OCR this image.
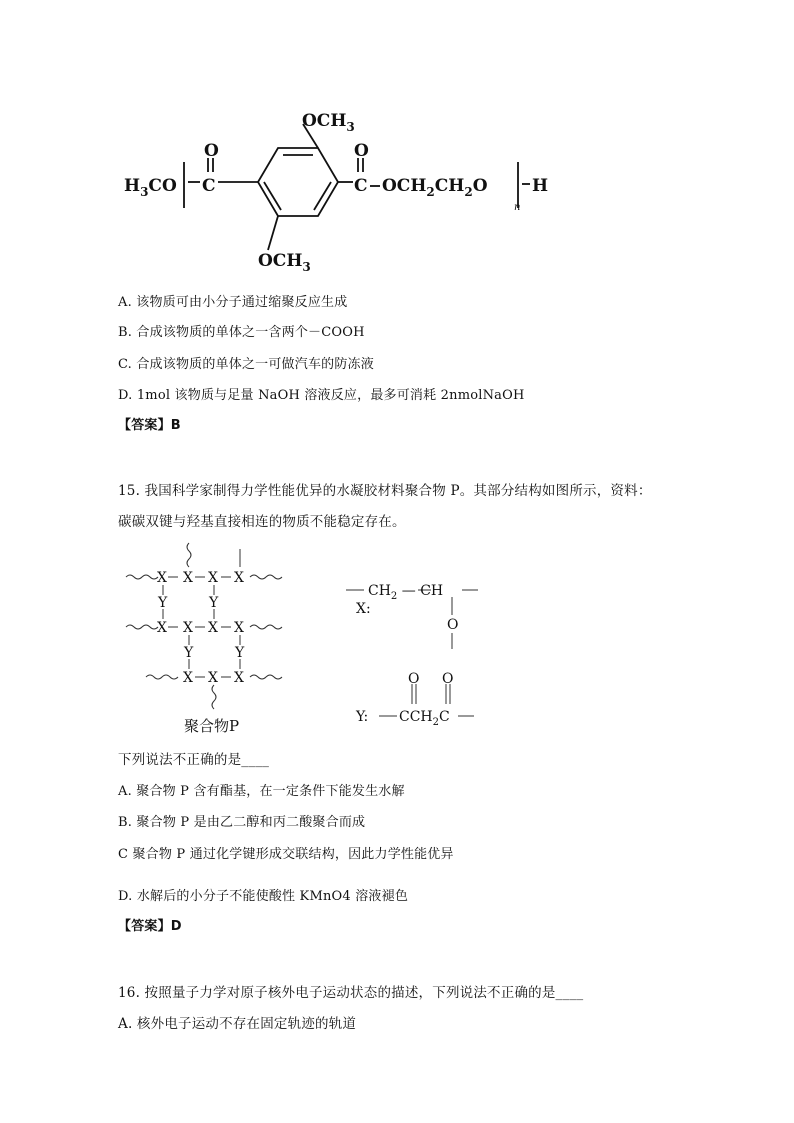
$OCH_3$
$OCH_3$
$H_3CO$
O
C
O
C $OCH_2CH_2O$
n
H
A. 该物质可由小分子通过缩聚反应生成
B. 合成该物质的单体之一含两个－COOH
C. 合成该物质的单体之一可做汽车的防冻液
D. 1mol 该物质与足量 NaOH 溶液反应，最多可消耗 2nmolNaOH
【答案】B
15. 我国科学家制得力学性能优异的水凝胶材料聚合物 P。其部分结构如图所示，资料：
碳碳双键与羟基直接相连的物质不能稳定存在。
X X X X
Y	Y
X X X X
Y	Y
X X X
聚合物P
X:
$CH_2$ — CH
O
Y:
O O
$CCH_2C$
下列说法不正确的是____
A. 聚合物 P 含有酯基，在一定条件下能发生水解
B. 聚合物 P 是由乙二醇和丙二酸聚合而成
C 聚合物 P 通过化学键形成交联结构，因此力学性能优异
D. 水解后的小分子不能使酸性 KMnO4 溶液褪色
【答案】D
16. 按照量子力学对原子核外电子运动状态的描述，下列说法不正确的是____
A. 核外电子运动不存在固定轨迹的轨道
